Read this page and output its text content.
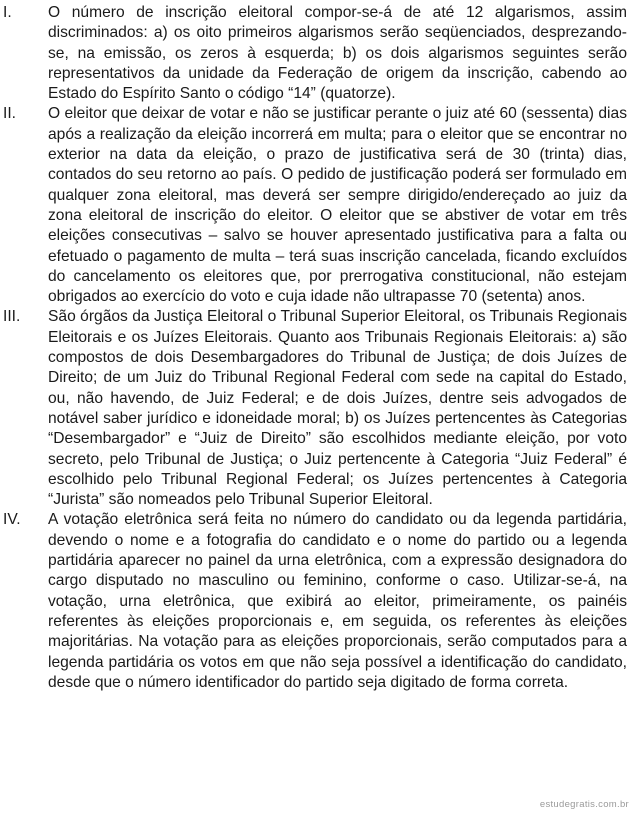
I.	O número de inscrição eleitoral compor-se-á de até 12 algarismos, assim discriminados: a) os oito primeiros algarismos serão seqüenciados, desprezando-se, na emissão, os zeros à esquerda; b) os dois algarismos seguintes serão representativos da unidade da Federação de origem da inscrição, cabendo ao Estado do Espírito Santo o código “14” (quatorze).

II.	O eleitor que deixar de votar e não se justificar perante o juiz até 60 (sessenta) dias após a realização da eleição incorrerá em multa; para o eleitor que se encontrar no exterior na data da eleição, o prazo de justificativa será de 30 (trinta) dias, contados do seu retorno ao país. O pedido de justificação poderá ser formulado em qualquer zona eleitoral, mas deverá ser sempre dirigido/endereçado ao juiz da zona eleitoral de inscrição do eleitor. O eleitor que se abstiver de votar em três eleições consecutivas – salvo se houver apresentado justificativa para a falta ou efetuado o pagamento de multa – terá suas inscrição cancelada, ficando excluídos do cancelamento os eleitores que, por prerrogativa constitucional, não estejam obrigados ao exercício do voto e cuja idade não ultrapasse 70 (setenta) anos.

III.	São órgãos da Justiça Eleitoral o Tribunal Superior Eleitoral, os Tribunais Regionais Eleitorais e os Juízes Eleitorais. Quanto aos Tribunais Regionais Eleitorais: a) são compostos de dois Desembargadores do Tribunal de Justiça; de dois Juízes de Direito; de um Juiz do Tribunal Regional Federal com sede na capital do Estado, ou, não havendo, de Juiz Federal; e de dois Juízes, dentre seis advogados de notável saber jurídico e idoneidade moral; b) os Juízes pertencentes às Categorias “Desembargador” e “Juiz de Direito” são escolhidos mediante eleição, por voto secreto, pelo Tribunal de Justiça; o Juiz pertencente à Categoria “Juiz Federal” é escolhido pelo Tribunal Regional Federal; os Juízes pertencentes à Categoria “Jurista” são nomeados pelo Tribunal Superior Eleitoral.

IV.	A votação eletrônica será feita no número do candidato ou da legenda partidária, devendo o nome e a fotografia do candidato e o nome do partido ou a legenda partidária aparecer no painel da urna eletrônica, com a expressão designadora do cargo disputado no masculino ou feminino, conforme o caso. Utilizar-se-á, na votação, urna eletrônica, que exibirá ao eleitor, primeiramente, os painéis referentes às eleições proporcionais e, em seguida, os referentes às eleições majoritárias. Na votação para as eleições proporcionais, serão computados para a legenda partidária os votos em que não seja possível a identificação do candidato, desde que o número identificador do partido seja digitado de forma correta.

estudegratis.com.br
